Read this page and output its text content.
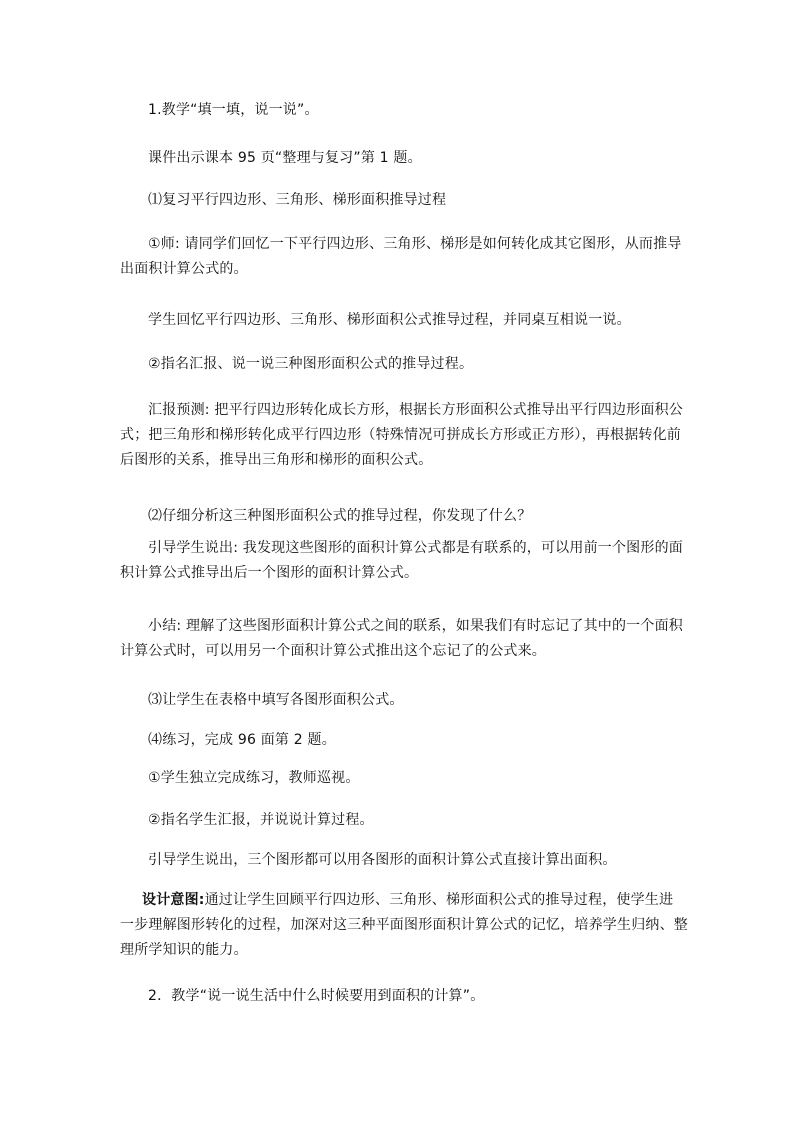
1.教学“填一填，说一说”。

课件出示课本 95 页“整理与复习”第 1 题。

⑴复习平行四边形、三角形、梯形面积推导过程

①师: 请同学们回忆一下平行四边形、三角形、梯形是如何转化成其它图形，从而推导
出面积计算公式的。

学生回忆平行四边形、三角形、梯形面积公式推导过程，并同桌互相说一说。

②指名汇报、说一说三种图形面积公式的推导过程。

汇报预测: 把平行四边形转化成长方形，根据长方形面积公式推导出平行四边形面积公
式；把三角形和梯形转化成平行四边形（特殊情况可拼成长方形或正方形），再根据转化前
后图形的关系，推导出三角形和梯形的面积公式。

⑵仔细分析这三种图形面积公式的推导过程，你发现了什么？

引导学生说出: 我发现这些图形的面积计算公式都是有联系的，可以用前一个图形的面
积计算公式推导出后一个图形的面积计算公式。

小结: 理解了这些图形面积计算公式之间的联系，如果我们有时忘记了其中的一个面积
计算公式时，可以用另一个面积计算公式推出这个忘记了的公式来。

⑶让学生在表格中填写各图形面积公式。

⑷练习，完成 96 面第 2 题。

①学生独立完成练习，教师巡视。

②指名学生汇报，并说说计算过程。

引导学生说出，三个图形都可以用各图形的面积计算公式直接计算出面积。

设计意图:通过让学生回顾平行四边形、三角形、梯形面积公式的推导过程，使学生进
一步理解图形转化的过程，加深对这三种平面图形面积计算公式的记忆，培养学生归纳、整
理所学知识的能力。

2．教学“说一说生活中什么时候要用到面积的计算”。
